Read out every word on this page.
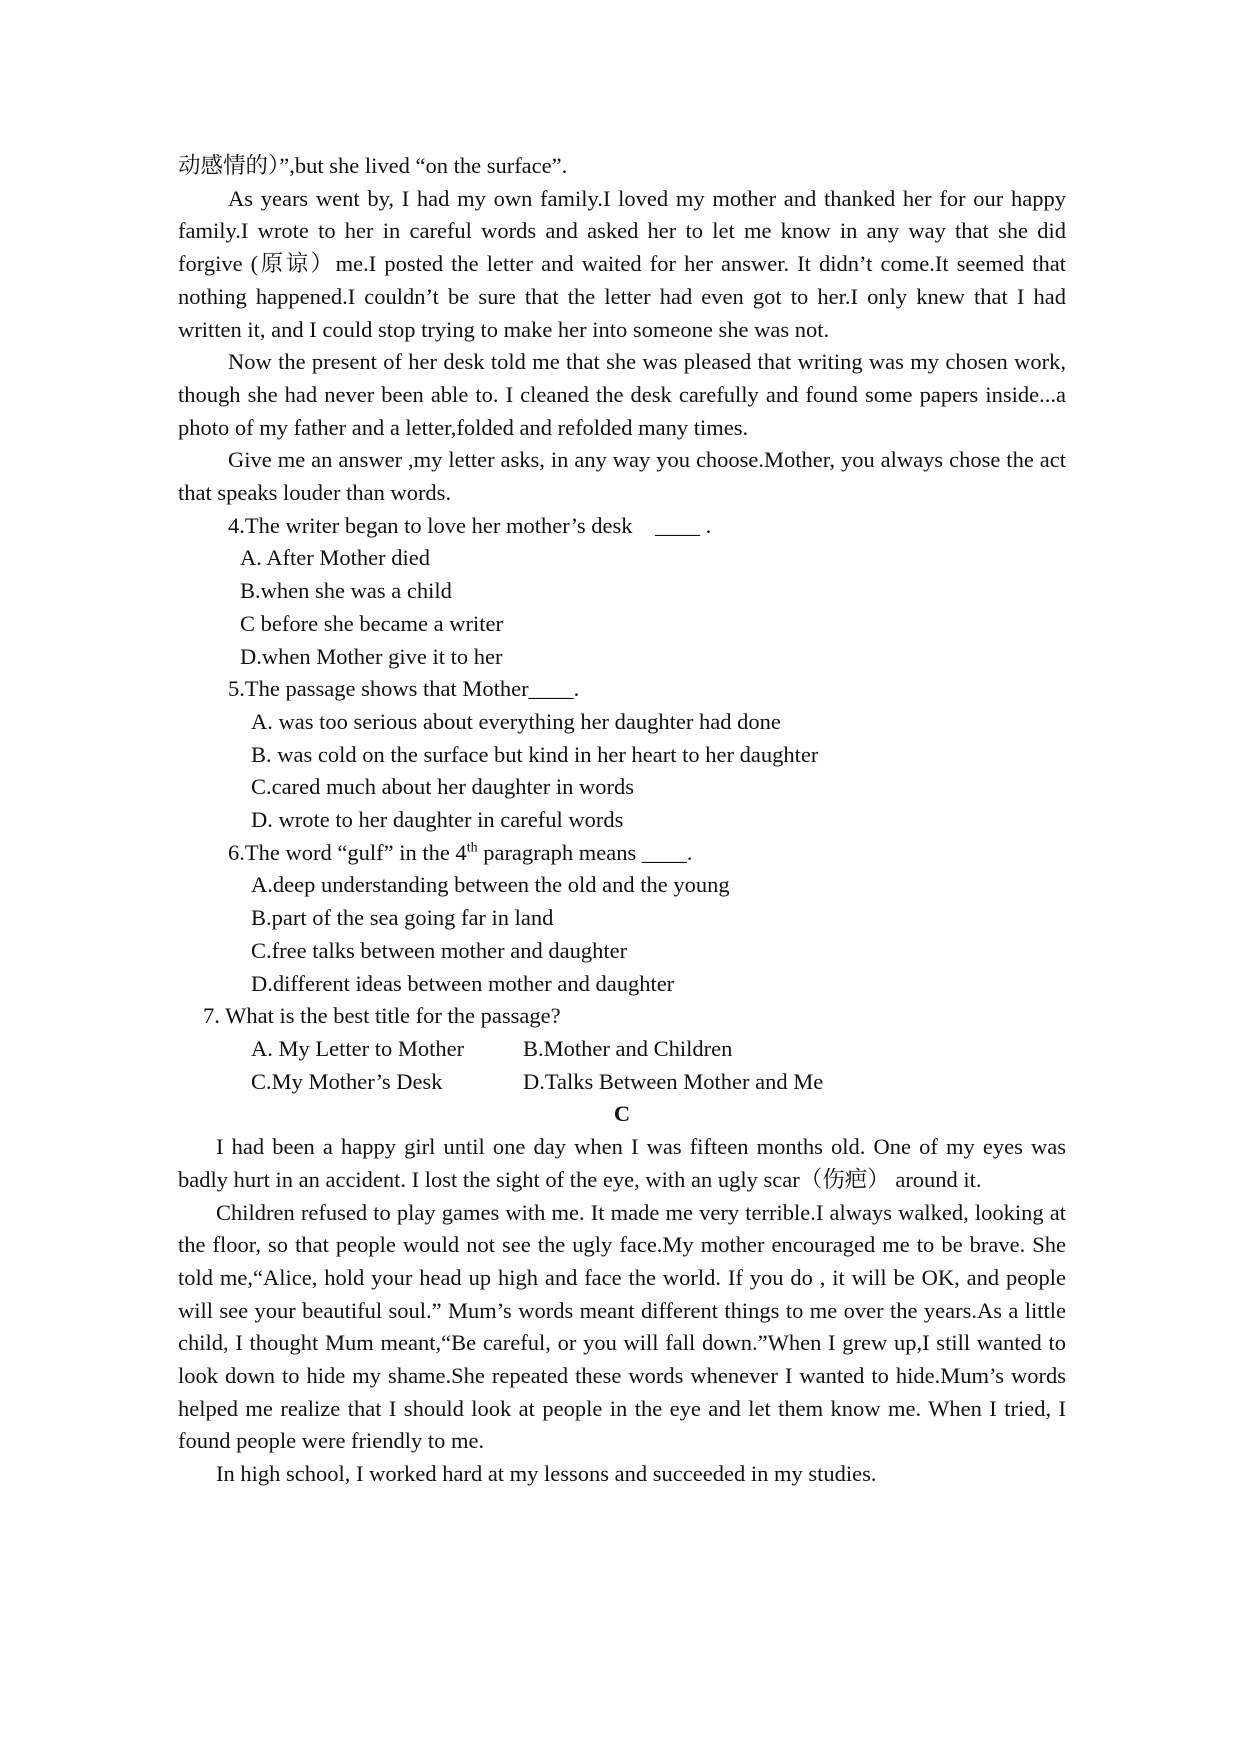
动感情的）”,but she lived “on the surface”.

As years went by, I had my own family.I loved my mother and thanked her for our happy family.I wrote to her in careful words and asked her to let me know in any way that she did forgive (原谅）me.I posted the letter and waited for her answer. It didn’t come.It seemed that nothing happened.I couldn’t be sure that the letter had even got to her.I only knew that I had written it, and I could stop trying to make her into someone she was not.

Now the present of her desk told me that she was pleased that writing was my chosen work, though she had never been able to. I cleaned the desk carefully and found some papers inside...a photo of my father and a letter,folded and refolded many times.

Give me an answer ,my letter asks, in any way you choose.Mother, you always chose the act that speaks louder than words.

4.The writer began to love her mother’s desk    ____ .

A. After Mother died

B.when she was a child

C before she became a writer

D.when Mother give it to her

5.The passage shows that Mother____.

A. was too serious about everything her daughter had done

B. was cold on the surface but kind in her heart to her daughter

C.cared much about her daughter in words

D. wrote to her daughter in careful words

6.The word “gulf” in the 4th paragraph means ____.

A.deep understanding between the old and the young

B.part of the sea going far in land

C.free talks between mother and daughter

D.different ideas between mother and daughter

7. What is the best title for the passage?

A. My Letter to Mother	B.Mother and Children
C.My Mother’s Desk	D.Talks Between Mother and Me

C

I had been a happy girl until one day when I was fifteen months old. One of my eyes was badly hurt in an accident. I lost the sight of the eye, with an ugly scar（伤疤） around it.

Children refused to play games with me. It made me very terrible.I always walked, looking at the floor, so that people would not see the ugly face.My mother encouraged me to be brave. She told me,“Alice, hold your head up high and face the world. If you do , it will be OK, and people will see your beautiful soul.” Mum’s words meant different things to me over the years.As a little child, I thought Mum meant,“Be careful, or you will fall down.”When I grew up,I still wanted to look down to hide my shame.She repeated these words whenever I wanted to hide.Mum’s words helped me realize that I should look at people in the eye and let them know me. When I tried, I found people were friendly to me.

In high school, I worked hard at my lessons and succeeded in my studies.
